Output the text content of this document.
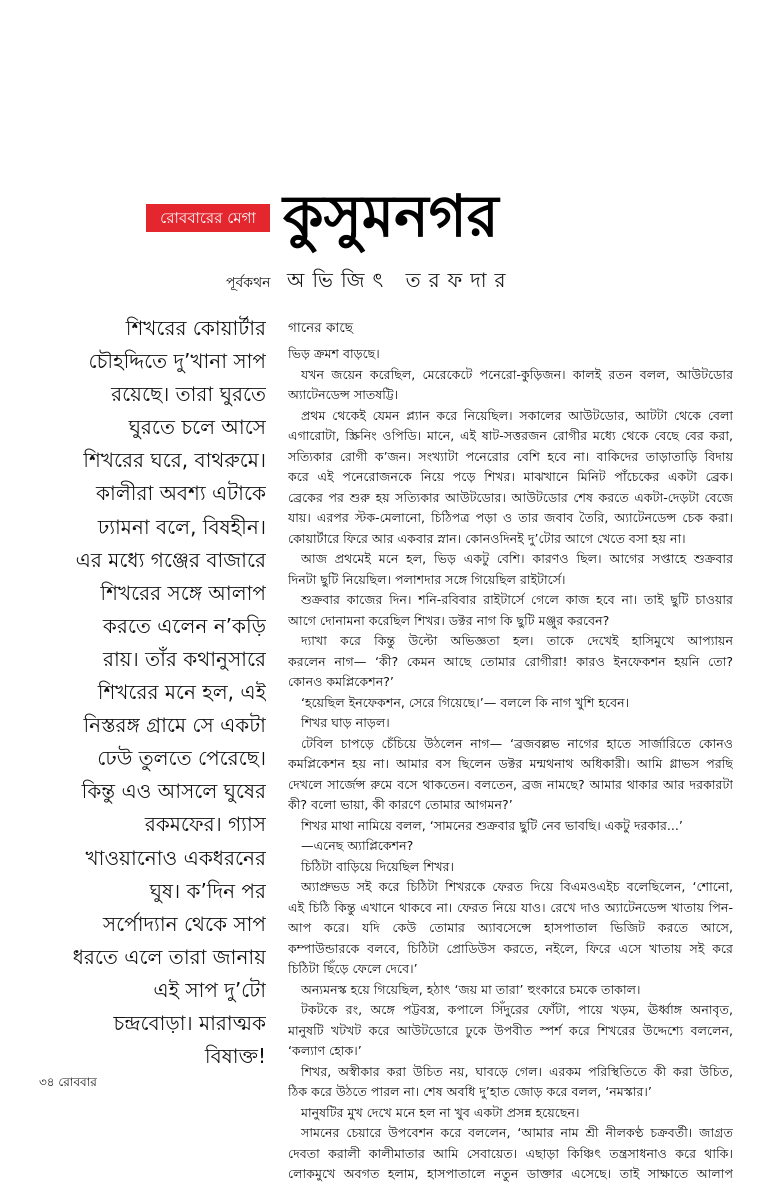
রোববারের মেগা কুসুমনগর
পূর্বকথন অভিজিৎ তরফদার
শিখরের কোয়ার্টার
চৌহদ্দিতে দু’খানা সাপ
রয়েছে। তারা ঘুরতে
ঘুরতে চলে আসে
শিখরের ঘরে, বাথরুমে।
কালীরা অবশ্য এটাকে
ঢ্যামনা বলে, বিষহীন।
এর মধ্যে গঞ্জের বাজারে
শিখরের সঙ্গে আলাপ
করতে এলেন ন’কড়ি
রায়। তাঁর কথানুসারে
শিখরের মনে হল, এই
নিস্তরঙ্গ গ্রামে সে একটা
ঢেউ তুলতে পেরেছে।
কিন্তু এও আসলে ঘুষের
রকমফের। গ্যাস
খাওয়ানোও একধরনের
ঘুষ। ক’দিন পর
সর্পোদ্যান থেকে সাপ
ধরতে এলে তারা জানায়
এই সাপ দু’টো
চন্দ্রবোড়া। মারাত্মক
বিষাক্ত!
গানের কাছে
ভিড় ক্রমশ বাড়ছে।
যখন জয়েন করেছিল, মেরেকেটে পনেরো-কুড়িজন। কালই রতন বলল, আউটডোর
অ্যাটেনডেন্স সাতষট্টি।
প্রথম থেকেই যেমন প্ল্যান করে নিয়েছিল। সকালের আউটডোর, আটটা থেকে বেলা
এগারোটা, স্ক্রিনিং ওপিডি। মানে, এই ষাট-সত্তরজন রোগীর মধ্যে থেকে বেছে বের করা,
সত্যিকার রোগী ক’জন। সংখ্যাটা পনেরোর বেশি হবে না। বাকিদের তাড়াতাড়ি বিদায়
করে এই পনেরোজনকে নিয়ে পড়ে শিখর। মাঝখানে মিনিট পাঁচেকের একটা ব্রেক।
ব্রেকের পর শুরু হয় সত্যিকার আউটডোর। আউটডোর শেষ করতে একটা-দেড়টা বেজে
যায়। এরপর স্টক-মেলানো, চিঠিপত্র পড়া ও তার জবাব তৈরি, অ্যাটেনডেন্স চেক করা।
কোয়ার্টারে ফিরে আর একবার স্নান। কোনওদিনই দু’টোর আগে খেতে বসা হয় না।
আজ প্রথমেই মনে হল, ভিড় একটু বেশি। কারণও ছিল। আগের সপ্তাহে শুক্রবার
দিনটা ছুটি নিয়েছিল। পলাশদার সঙ্গে গিয়েছিল রাইটার্সে।
শুক্রবার কাজের দিন। শনি-রবিবার রাইটার্সে গেলে কাজ হবে না। তাই ছুটি চাওয়ার
আগে দোনামনা করেছিল শিখর। ডক্টর নাগ কি ছুটি মঞ্জুর করবেন?
দ্যাখা করে কিন্তু উল্টো অভিজ্ঞতা হল। তাকে দেখেই হাসিমুখে আপ্যায়ন
করলেন নাগ— ‘কী? কেমন আছে তোমার রোগীরা! কারও ইনফেকশন হয়নি তো?
কোনও কমপ্লিকেশন?’
‘হয়েছিল ইনফেকশন, সেরে গিয়েছে।’— বললে কি নাগ খুশি হবেন।
শিখর ঘাড় নাড়ল।
টেবিল চাপড়ে চেঁচিয়ে উঠলেন নাগ— ‘ব্রজবল্লভ নাগের হাতে সার্জারিতে কোনও
কমপ্লিকেশন হয় না। আমার বস ছিলেন ডক্টর মন্মথনাথ অধিকারী। আমি গ্লাভস পরছি
দেখলে সার্জেন্স রুমে বসে থাকতেন। বলতেন, ব্রজ নামছে? আমার থাকার আর দরকারটা
কী? বলো ভায়া, কী কারণে তোমার আগমন?’
শিখর মাথা নামিয়ে বলল, ‘সামনের শুক্রবার ছুটি নেব ভাবছি। একটু দরকার...’
—এনেছ অ্যাপ্লিকেশন?
চিঠিটা বাড়িয়ে দিয়েছিল শিখর।
অ্যাপ্রুভড সই করে চিঠিটা শিখরকে ফেরত দিয়ে বিএমওএইচ বলেছিলেন, ‘শোনো,
এই চিঠি কিন্তু এখানে থাকবে না। ফেরত নিয়ে যাও। রেখে দাও অ্যাটেনডেন্স খাতায় পিন-
আপ করে। যদি কেউ তোমার অ্যাবসেন্সে হাসপাতাল ভিজিট করতে আসে,
কম্পাউন্ডারকে বলবে, চিঠিটা প্রোডিউস করতে, নইলে, ফিরে এসে খাতায় সই করে
চিঠিটা ছিঁড়ে ফেলে দেবে।’
অন্যমনস্ক হয়ে গিয়েছিল, হঠাৎ ‘জয় মা তারা’ হুংকারে চমকে তাকাল।
টকটকে রং, অঙ্গে পট্টবস্ত্র, কপালে সিঁদুরের ফোঁটা, পায়ে খড়ম, ঊর্ধ্বাঙ্গ অনাবৃত,
মানুষটি খটখট করে আউটডোরে ঢুকে উপবীত স্পর্শ করে শিখরের উদ্দেশ্যে বললেন,
‘কল্যাণ হোক।’
শিখর, অস্বীকার করা উচিত নয়, ঘাবড়ে গেল। এরকম পরিস্থিতিতে কী করা উচিত,
ঠিক করে উঠতে পারল না। শেষ অবধি দু’হাত জোড় করে বলল, ‘নমস্কার।’
মানুষটির মুখ দেখে মনে হল না খুব একটা প্রসন্ন হয়েছেন।
সামনের চেয়ারে উপবেশন করে বললেন, ‘আমার নাম শ্রী নীলকণ্ঠ চক্রবর্তী। জাগ্রত
দেবতা করালী কালীমাতার আমি সেবায়েত। এছাড়া কিঞ্চিৎ তন্ত্রসাধনাও করে থাকি।
লোকমুখে অবগত হলাম, হাসপাতালে নতুন ডাক্তার এসেছে। তাই সাক্ষাতে আলাপ
৩৪ রোববার
